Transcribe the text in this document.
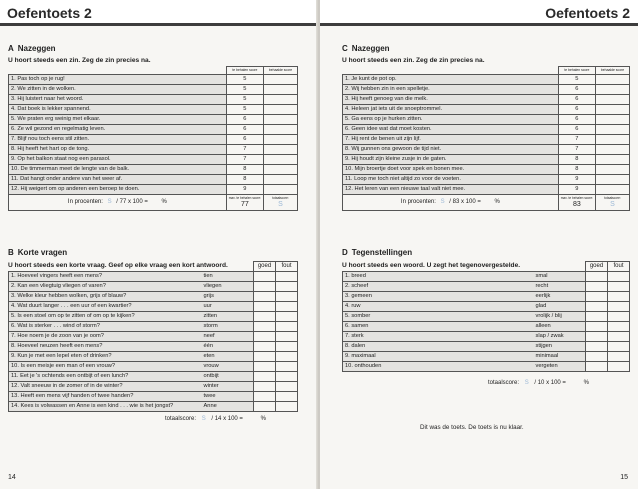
Oefentoets 2
A Nazeggen
U hoort steeds een zin. Zeg de zin precies na.
	te behalen score	behaalde score
1. Pas toch op je rug!	5	
2. We zitten in de wolken.	5	
3. Hij luistert naar het woord.	5	
4. Dat boek is lekker spannend.	5	
5. We praten erg weinig met elkaar.	6	
6. Ze wil gezond en regelmatig leven.	6	
7. Blijf nou toch eens stil zitten.	6	
8. Hij heeft het hart op de tong.	7	
9. Op het balkon staat nog een parasol.	7	
10. De timmerman meet de lengte van de balk.	8	
11. Dat hangt onder andere van het weer af.	8	
12. Hij weigert om op anderen een beroep te doen.	9	
In procenten: S / 77 x 100 = %	max. te behalen score:
77	totaalscore:
S
B Korte vragen
U hoort steeds een korte vraag. Geef op elke vraag een kort antwoord.
			goed	fout
1. Hoeveel vingers heeft een mens?	tien		
2. Kan een vliegtuig vliegen of varen?	vliegen		
3. Welke kleur hebben wolken, grijs of blauw?	grijs		
4. Wat duurt langer . . . een uur of een kwartier?	uur		
5. Is een stoel om op te zitten of om op te kijken?	zitten		
6. Wat is sterker . . . wind of storm?	storm		
7. Hoe noem je de zoon van je oom?	neef		
8. Hoeveel neuzen heeft een mens?	één		
9. Kun je met een lepel eten of drinken?	eten		
10. Is een meisje een man of een vrouw?	vrouw		
11. Eet je 's ochtends een ontbijt of een lunch?	ontbijt		
12. Valt sneeuw in de zomer of in de winter?	winter		
13. Heeft een mens vijf handen of twee handen?	twee		
14. Kees is volwassen en Anne is een kind . . . wie is het jongst?	Anne		
totaalscore: S / 14 x 100 =	%
14
Oefentoets 2
C Nazeggen
U hoort steeds een zin. Zeg de zin precies na.
	te behalen score	behaalde score
1. Je kunt de pot op.	5	
2. Wij hebben zin in een spelletje.	6	
3. Hij heeft genoeg van die melk.	6	
4. Heleen jat iets uit de snoeptrommel.	6	
5. Ga eens op je hurken zitten.	6	
6. Geen idee wat dat moet kosten.	6	
7. Hij rent de benen uit zijn lijf.	7	
8. Wij gunnen ons gewoon de tijd niet.	7	
9. Hij houdt zijn kleine zusje in de gaten.	8	
10. Mijn broertje doet voor spek en bonen mee.	8	
11. Loop me toch niet altijd zo voor de voeten.	9	
12. Het leren van een nieuwe taal valt niet mee.	9	
In procenten: S / 83 x 100 = %	max. te behalen score:
83	totaalscore:
S
D Tegenstellingen
U hoort steeds een woord. U zegt het tegenovergestelde.
			goed	fout
1. breed	smal		
2. scheef	recht		
3. gemeen	eerlijk		
4. ruw	glad		
5. somber	vrolijk / blij		
6. samen	alleen		
7. sterk	slap / zwak		
8. dalen	stijgen		
9. maximaal	minimaal		
10. onthouden	vergeten		
totaalscore: S / 10 x 100 =	%
Dit was de toets. De toets is nu klaar.
15
